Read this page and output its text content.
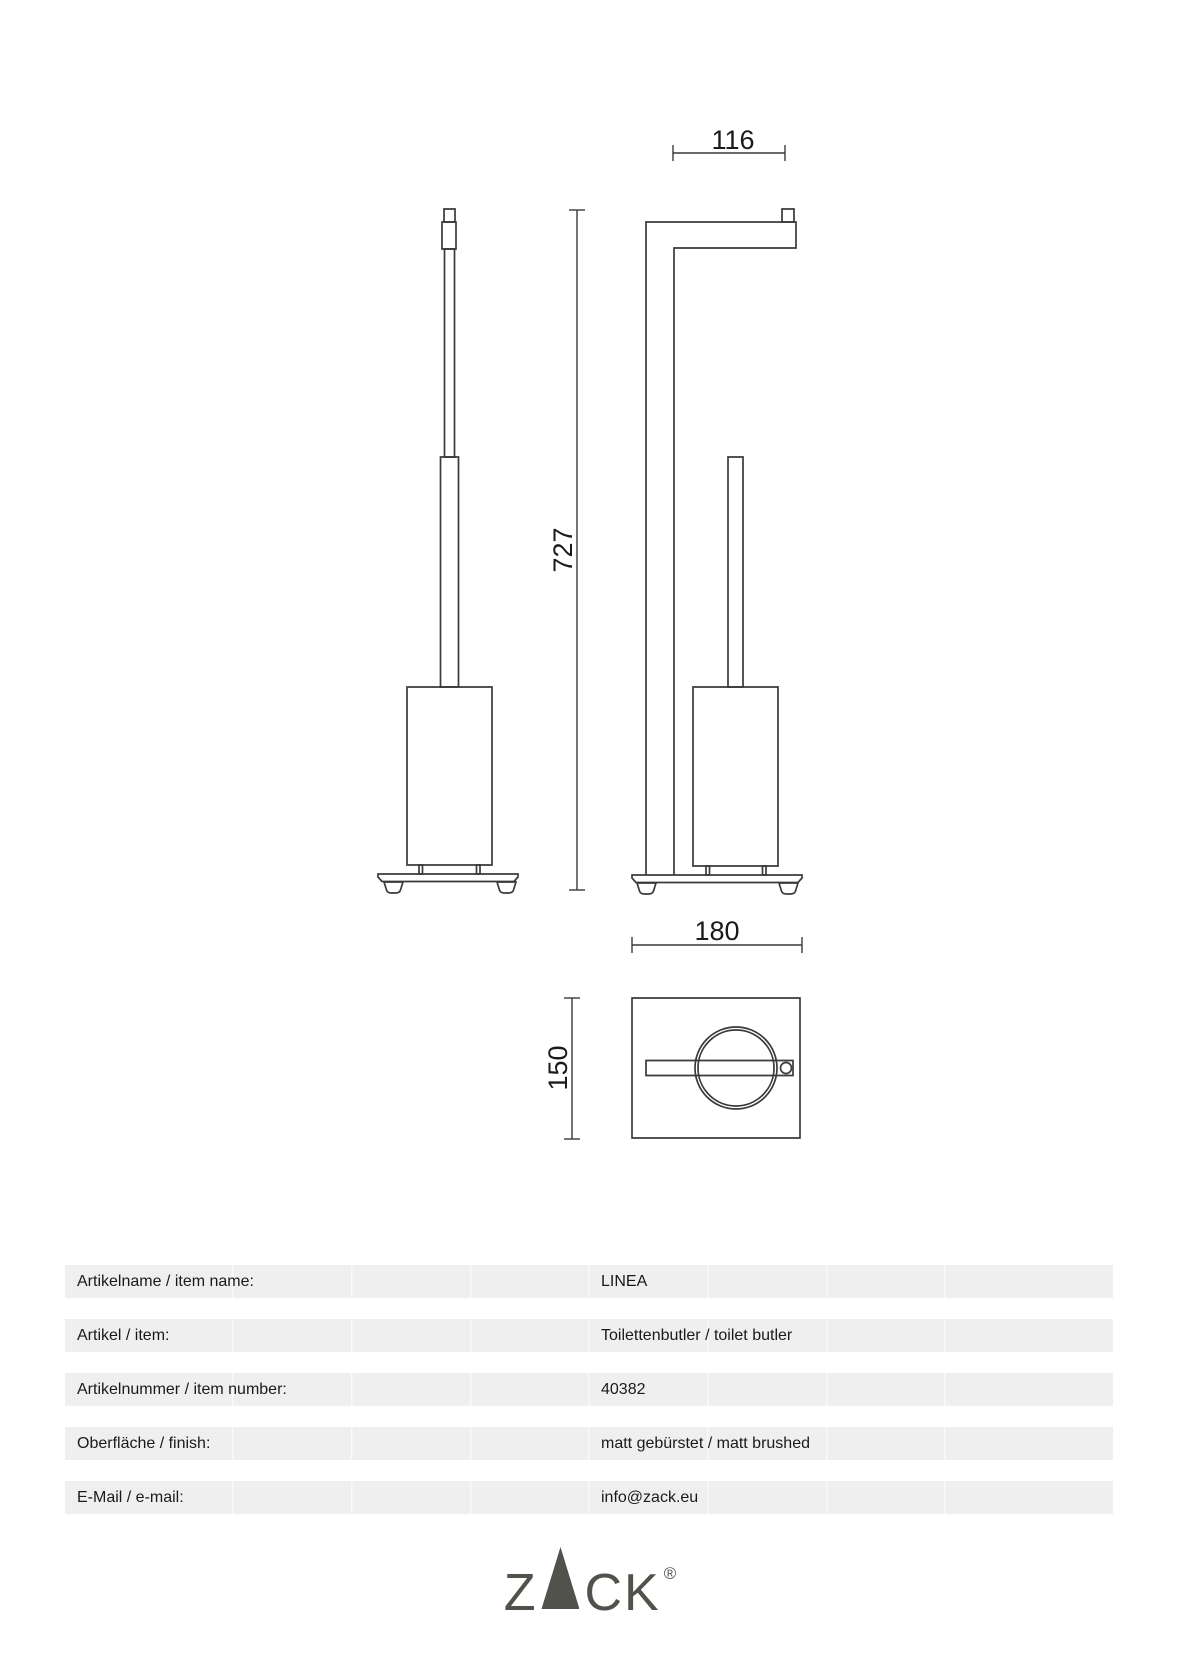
116
727
180
150
Artikelname / item name:	LINEA
Artikel / item:	Toilettenbutler / toilet butler
Artikelnummer / item number:	40382
Oberfläche / finish:	matt gebürstet / matt brushed
E-Mail / e-mail:	info@zack.eu
Z CK ®
